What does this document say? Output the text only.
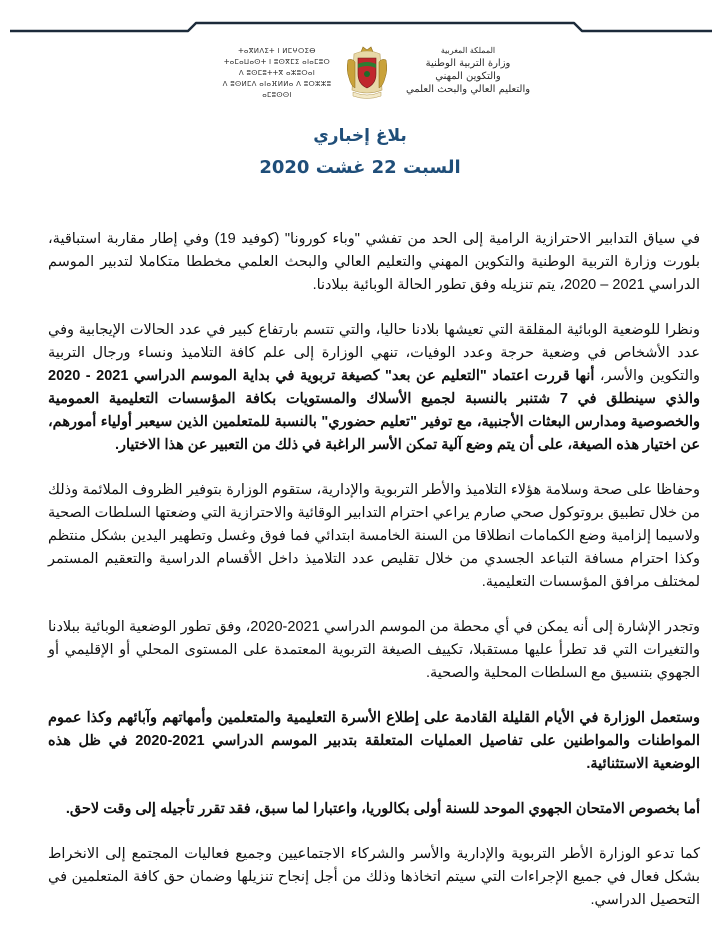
ⵜⴰⴳⵍⴷⵉⵜ ⵏ ⵍⵎⵖⵔⵉⴱ
ⵜⴰⵎⴰⵡⴰⵙⵜ ⵏ ⵓⵙⴳⵎⵉ ⴰⵏⴰⵎⵓⵔ
ⴷ ⵓⵙⵎⵓⵜⵜⴳ ⴰⵣⵓⵔⴰⵏ
ⴷ ⵓⵙⵍⵎⴷ ⴰⵏⴰⴼⵍⵍⴰ ⴷ ⵓⵔⵣⵣⵓ ⴰⵎⵓⵙⵙⵏ
المملكة المغربية
وزارة التربية الوطنية
والتكوين المهني
والتعليم العالي والبحث العلمي
بلاغ إخباري
السبت 22 غشت 2020

في سياق التدابير الاحترازية الرامية إلى الحد من تفشي "وباء كورونا" (كوفيد 19) وفي إطار مقاربة استباقية، بلورت وزارة التربية الوطنية والتكوين المهني والتعليم العالي والبحث العلمي مخططا متكاملا لتدبير الموسم الدراسي 2021 – 2020، يتم تنزيله وفق تطور الحالة الوبائية ببلادنا.

ونظرا للوضعية الوبائية المقلقة التي تعيشها بلادنا حاليا، والتي تتسم بارتفاع كبير في عدد الحالات الإيجابية وفي عدد الأشخاص في وضعية حرجة وعدد الوفيات، تنهي الوزارة إلى علم كافة التلاميذ ونساء ورجال التربية والتكوين والأسر، أنها قررت اعتماد "التعليم عن بعد" كصيغة تربوية في بداية الموسم الدراسي 2021 - 2020 والذي سينطلق في 7 شتنبر بالنسبة لجميع الأسلاك والمستويات بكافة المؤسسات التعليمية العمومية والخصوصية ومدارس البعثات الأجنبية، مع توفير "تعليم حضوري" بالنسبة للمتعلمين الذين سيعبر أولياء أمورهم، عن اختيار هذه الصيغة، على أن يتم وضع آلية تمكن الأسر الراغبة في ذلك من التعبير عن هذا الاختيار.

وحفاظا على صحة وسلامة هؤلاء التلاميذ والأطر التربوية والإدارية، ستقوم الوزارة بتوفير الظروف الملائمة وذلك من خلال تطبيق بروتوكول صحي صارم يراعي احترام التدابير الوقائية والاحترازية التي وضعتها السلطات الصحية ولاسيما إلزامية وضع الكمامات انطلاقا من السنة الخامسة ابتدائي فما فوق وغسل وتطهير اليدين بشكل منتظم وكذا احترام مسافة التباعد الجسدي من خلال تقليص عدد التلاميذ داخل الأقسام الدراسية والتعقيم المستمر لمختلف مرافق المؤسسات التعليمية.

وتجدر الإشارة إلى أنه يمكن في أي محطة من الموسم الدراسي 2021-2020، وفق تطور الوضعية الوبائية ببلادنا والتغيرات التي قد تطرأ عليها مستقبلا، تكييف الصيغة التربوية المعتمدة على المستوى المحلي أو الإقليمي أو الجهوي بتنسيق مع السلطات المحلية والصحية.

وستعمل الوزارة في الأيام القليلة القادمة على إطلاع الأسرة التعليمية والمتعلمين وأمهاتهم وآبائهم وكذا عموم المواطنات والمواطنين على تفاصيل العمليات المتعلقة بتدبير الموسم الدراسي 2021-2020 في ظل هذه الوضعية الاستثنائية.

أما بخصوص الامتحان الجهوي الموحد للسنة أولى بكالوريا، واعتبارا لما سبق، فقد تقرر تأجيله إلى وقت لاحق.

كما تدعو الوزارة الأطر التربوية والإدارية والأسر والشركاء الاجتماعيين وجميع فعاليات المجتمع إلى الانخراط بشكل فعال في جميع الإجراءات التي سيتم اتخاذها وذلك من أجل إنجاح تنزيلها وضمان حق كافة المتعلمين في التحصيل الدراسي.
